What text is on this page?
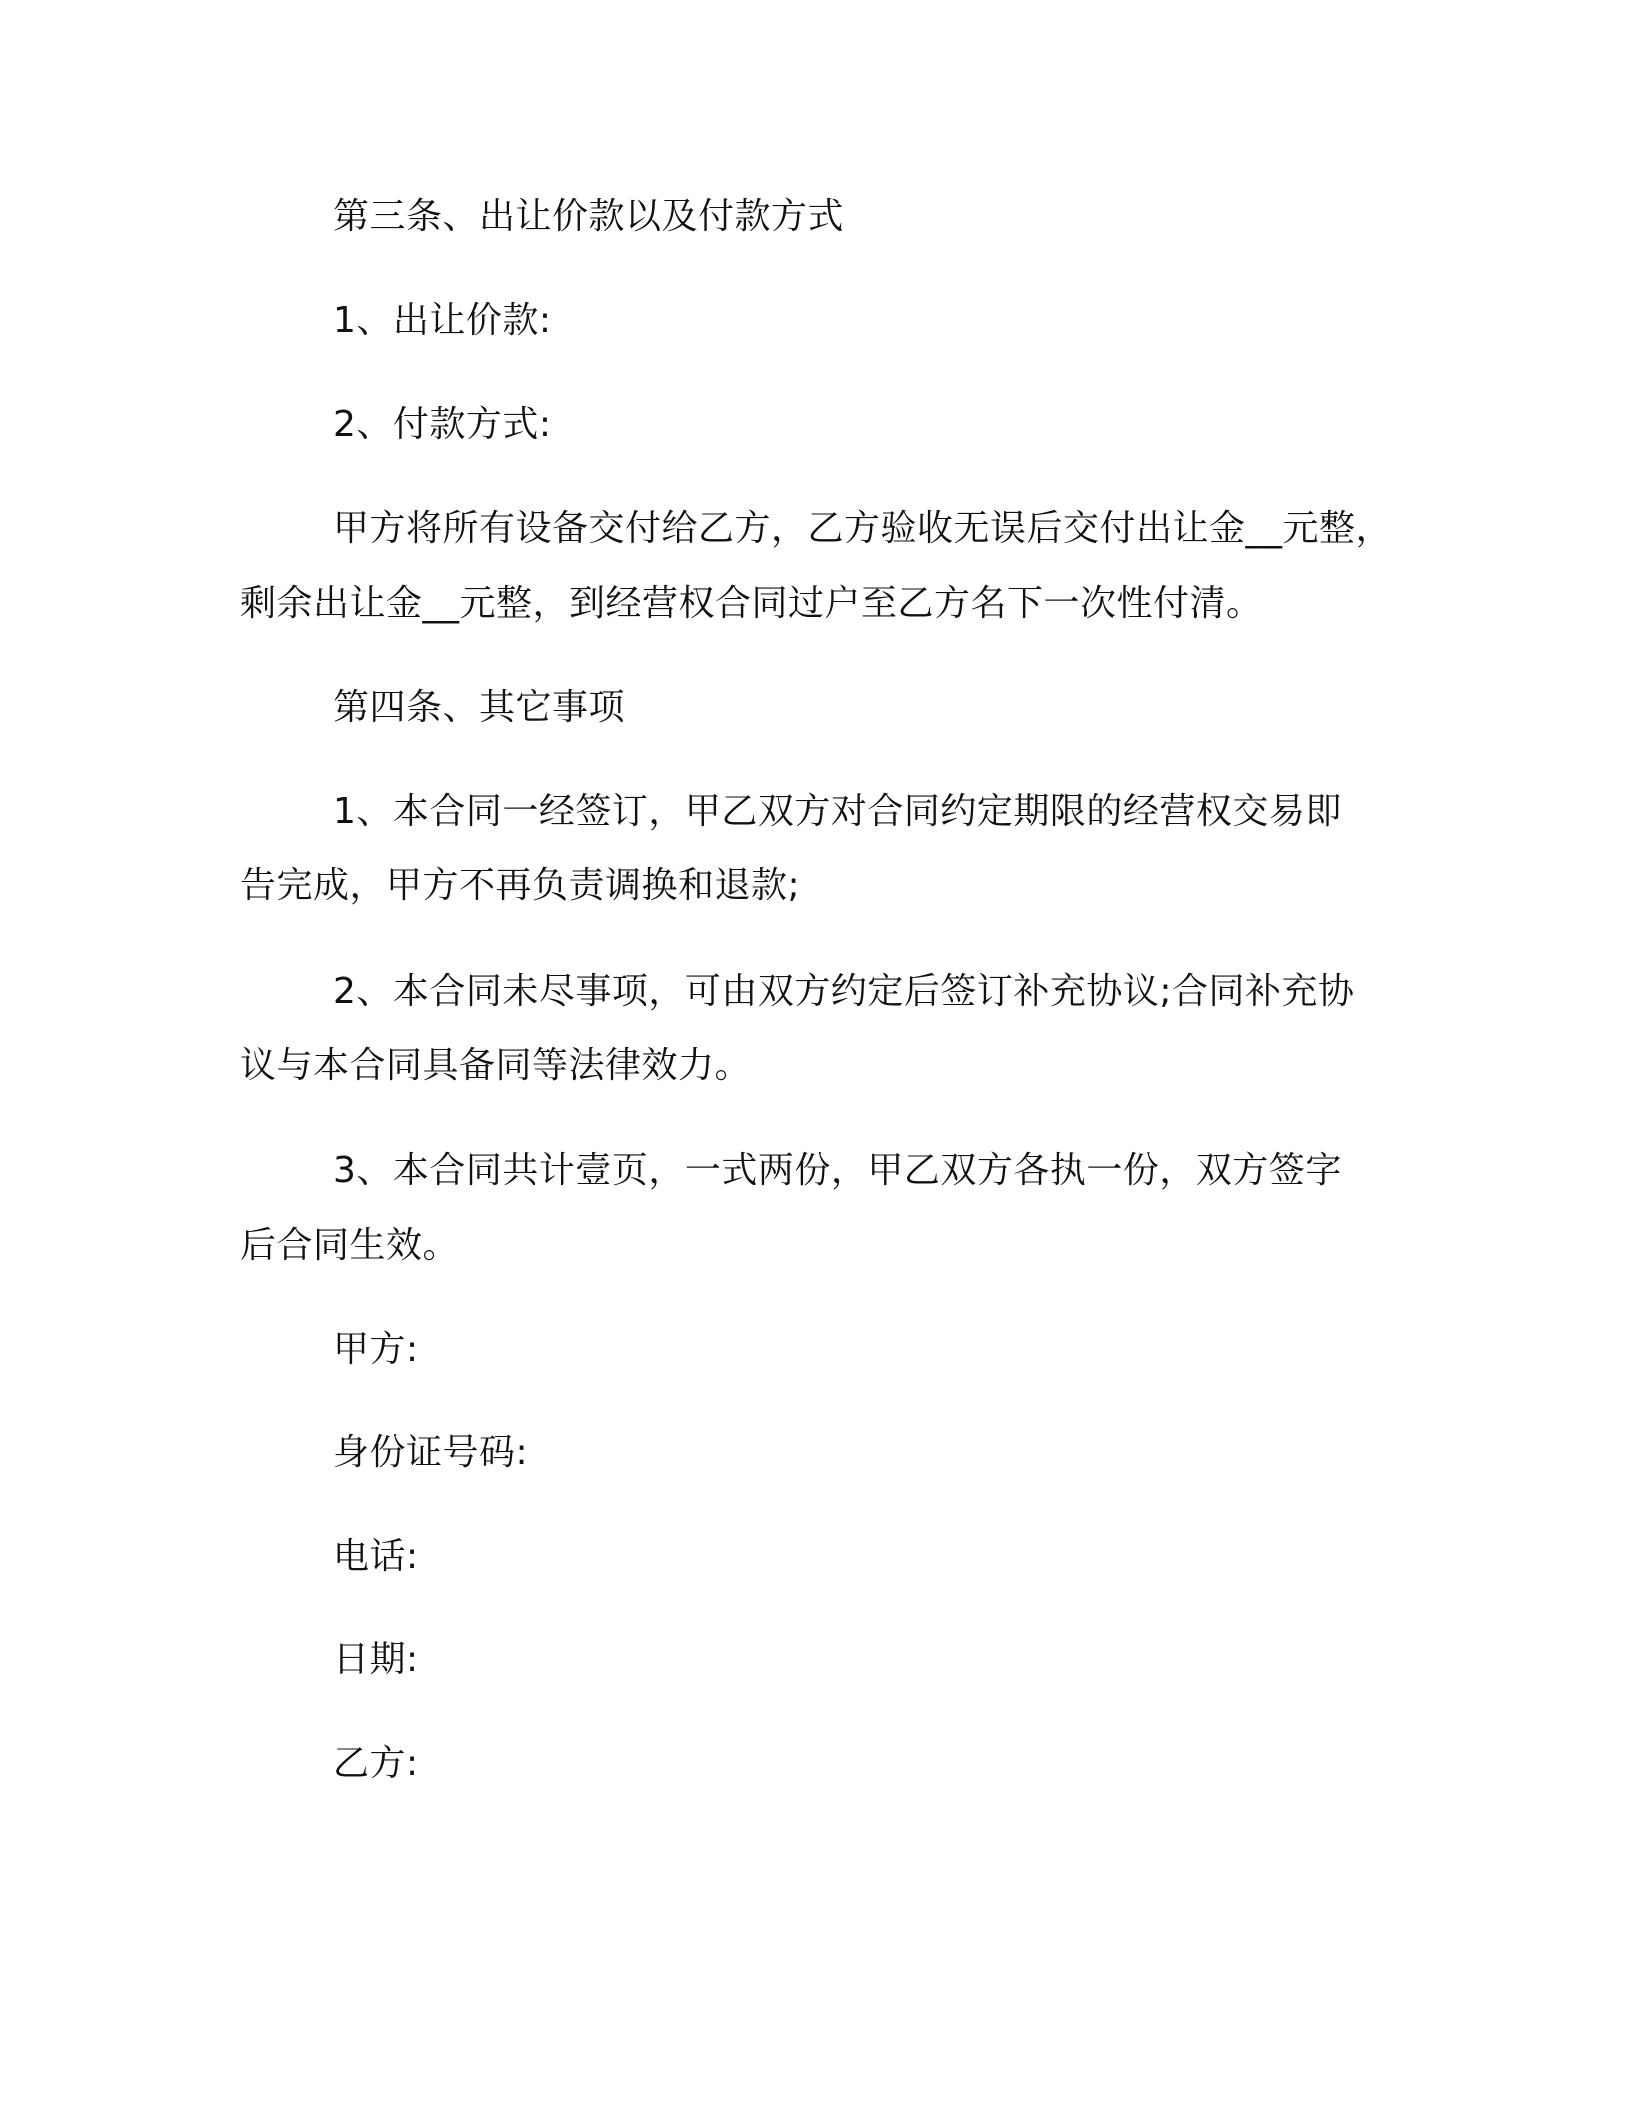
第三条、出让价款以及付款方式
1、出让价款:
2、付款方式:
甲方将所有设备交付给乙方，乙方验收无误后交付出让金__元整，
剩余出让金__元整，到经营权合同过户至乙方名下一次性付清。
第四条、其它事项
1、本合同一经签订，甲乙双方对合同约定期限的经营权交易即
告完成，甲方不再负责调换和退款;
2、本合同未尽事项，可由双方约定后签订补充协议;合同补充协
议与本合同具备同等法律效力。
3、本合同共计壹页，一式两份，甲乙双方各执一份，双方签字
后合同生效。
甲方:
身份证号码:
电话:
日期:
乙方:
